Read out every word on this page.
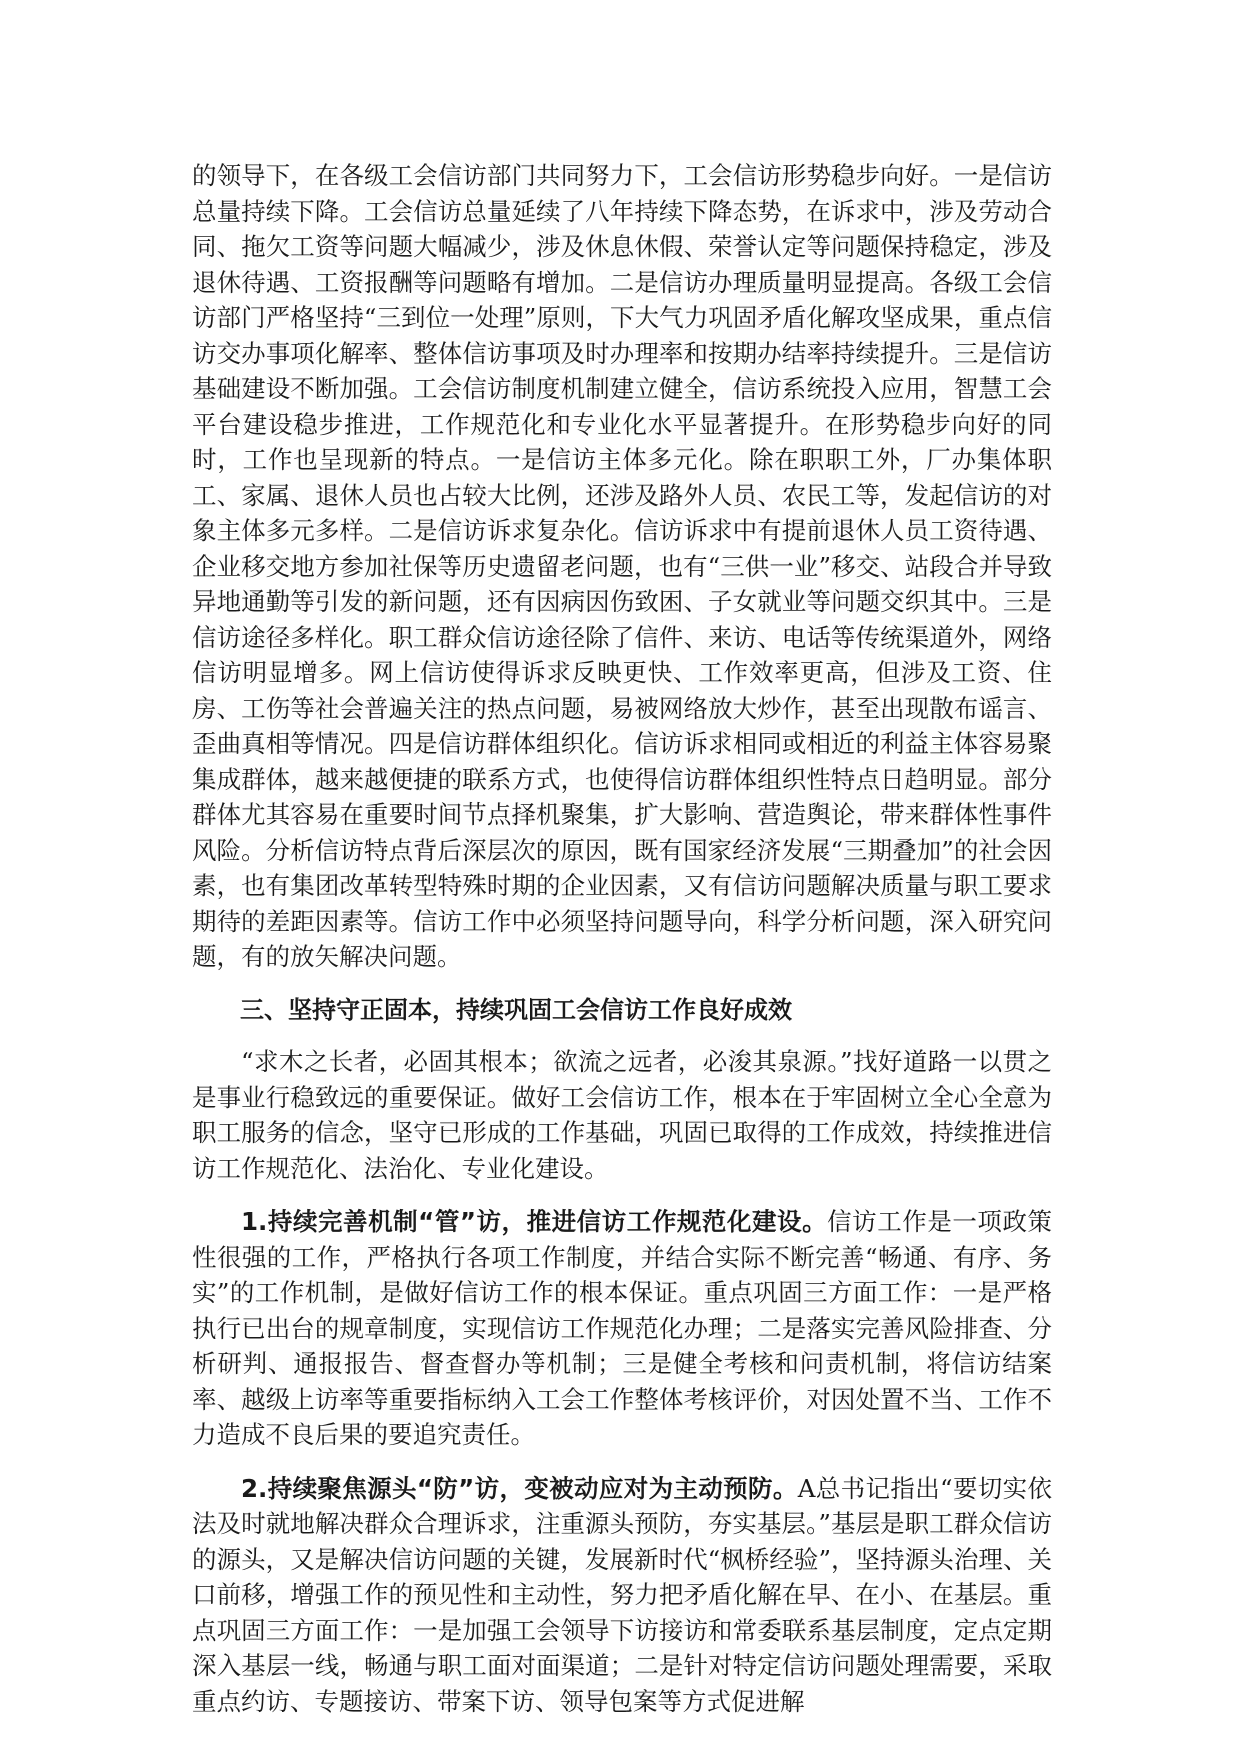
的领导下，在各级工会信访部门共同努力下，工会信访形势稳步向好。一是信访总量持续下降。工会信访总量延续了八年持续下降态势，在诉求中，涉及劳动合同、拖欠工资等问题大幅减少，涉及休息休假、荣誉认定等问题保持稳定，涉及退休待遇、工资报酬等问题略有增加。二是信访办理质量明显提高。各级工会信访部门严格坚持“三到位一处理”原则，下大气力巩固矛盾化解攻坚成果，重点信访交办事项化解率、整体信访事项及时办理率和按期办结率持续提升。三是信访基础建设不断加强。工会信访制度机制建立健全，信访系统投入应用，智慧工会平台建设稳步推进，工作规范化和专业化水平显著提升。在形势稳步向好的同时，工作也呈现新的特点。一是信访主体多元化。除在职职工外，厂办集体职工、家属、退休人员也占较大比例，还涉及路外人员、农民工等，发起信访的对象主体多元多样。二是信访诉求复杂化。信访诉求中有提前退休人员工资待遇、企业移交地方参加社保等历史遗留老问题，也有“三供一业”移交、站段合并导致异地通勤等引发的新问题，还有因病因伤致困、子女就业等问题交织其中。三是信访途径多样化。职工群众信访途径除了信件、来访、电话等传统渠道外，网络信访明显增多。网上信访使得诉求反映更快、工作效率更高，但涉及工资、住房、工伤等社会普遍关注的热点问题，易被网络放大炒作，甚至出现散布谣言、歪曲真相等情况。四是信访群体组织化。信访诉求相同或相近的利益主体容易聚集成群体，越来越便捷的联系方式，也使得信访群体组织性特点日趋明显。部分群体尤其容易在重要时间节点择机聚集，扩大影响、营造舆论，带来群体性事件风险。分析信访特点背后深层次的原因，既有国家经济发展“三期叠加”的社会因素，也有集团改革转型特殊时期的企业因素，又有信访问题解决质量与职工要求期待的差距因素等。信访工作中必须坚持问题导向，科学分析问题，深入研究问题，有的放矢解决问题。

三、坚持守正固本，持续巩固工会信访工作良好成效

“求木之长者，必固其根本；欲流之远者，必浚其泉源。”找好道路一以贯之是事业行稳致远的重要保证。做好工会信访工作，根本在于牢固树立全心全意为职工服务的信念，坚守已形成的工作基础，巩固已取得的工作成效，持续推进信访工作规范化、法治化、专业化建设。

1.持续完善机制“管”访，推进信访工作规范化建设。信访工作是一项政策性很强的工作，严格执行各项工作制度，并结合实际不断完善“畅通、有序、务实”的工作机制，是做好信访工作的根本保证。重点巩固三方面工作：一是严格执行已出台的规章制度，实现信访工作规范化办理；二是落实完善风险排查、分析研判、通报报告、督查督办等机制；三是健全考核和问责机制，将信访结案率、越级上访率等重要指标纳入工会工作整体考核评价，对因处置不当、工作不力造成不良后果的要追究责任。

2.持续聚焦源头“防”访，变被动应对为主动预防。A总书记指出“要切实依法及时就地解决群众合理诉求，注重源头预防，夯实基层。”基层是职工群众信访的源头，又是解决信访问题的关键，发展新时代“枫桥经验”，坚持源头治理、关口前移，增强工作的预见性和主动性，努力把矛盾化解在早、在小、在基层。重点巩固三方面工作：一是加强工会领导下访接访和常委联系基层制度，定点定期深入基层一线，畅通与职工面对面渠道；二是针对特定信访问题处理需要，采取重点约访、专题接访、带案下访、领导包案等方式促进解
